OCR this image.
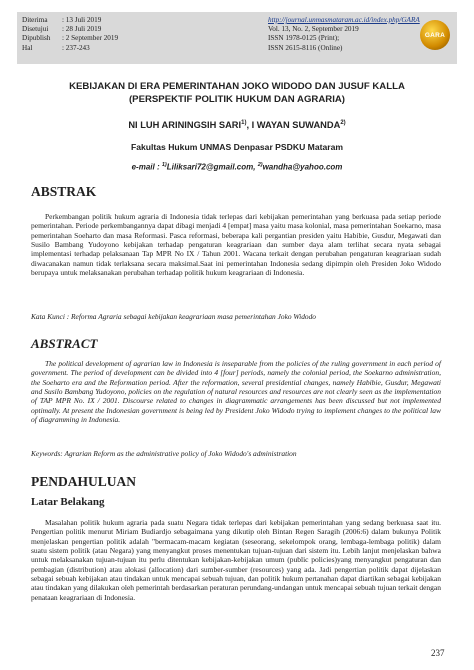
Diterima	: 13 Juli 2019
Disetujui	: 28 Juli 2019
Dipublish	: 2 September 2019
Hal	: 237-243
http://journal.unmasmataram.ac.id/index.php/GARA
Vol. 13, No. 2, September 2019
ISSN 1978-0125 (Print);
ISSN 2615-8116 (Online)
GARA
KEBIJAKAN DI ERA PEMERINTAHAN JOKO WIDODO DAN JUSUF KALLA
(PERSPEKTIF POLITIK HUKUM DAN AGRARIA)
NI LUH ARININGSIH SARI$^{1)}$, I WAYAN SUWANDA$^{2)}$
Fakultas Hukum UNMAS Denpasar PSDKU Mataram
e-mail : $^{1)}$Liliksari72@gmail.com, $^{2)}$wandha@yahoo.com
ABSTRAK
Perkembangan politik hukum agraria di Indonesia tidak terlepas dari kebijakan pemerintahan yang berkuasa pada setiap periode pemerintahan. Periode perkembangannya dapat dibagi menjadi 4 [empat] masa yaitu masa kolonial, masa pemerintahan Soekarno, masa pemerintahan Soeharto dan masa Reformasi. Pasca reformasi, beberapa kali pergantian presiden yaitu Habibie, Gusdur, Megawati dan Susilo Bambang Yudoyono kebijakan terhadap pengaturan keagrariaan dan sumber daya alam terlihat secara nyata sebagai implementasi terhadap pelaksanaan Tap MPR No IX / Tahun 2001. Wacana terkait dengan perubahan pengaturan keagrariaan sudah diwacanakan namun tidak terlaksana secara maksimal.Saat ini pemerintahan Indonesia sedang dipimpin oleh Presiden Joko Widodo berupaya untuk melaksanakan perubahan terhadap politik hukum keagrariaan di Indonesia.
Kata Kunci : Reforma Agraria sebagai kebijakan keagrariaan masa pemerintahan Joko Widodo
ABSTRACT
The political development of agrarian law in Indonesia is inseparable from the policies of the ruling government in each period of government. The period of development can be divided into 4 [four] periods, namely the colonial period, the Soekarno administration, the Soeharto era and the Reformation period. After the reformation, several presidential changes, namely Habibie, Gusdur, Megawati and Susilo Bambang Yudoyono, policies on the regulation of natural resources and resources are not clearly seen as the implementation of TAP MPR No. IX / 2001. Discourse related to changes in diagrammatic arrangements has been discussed but not implemented optimally. At present the Indonesian government is being led by President Joko Widodo trying to implement changes to the political law of diagramming in Indonesia.
Keywords: Agrarian Reform as the administrative policy of Joko Widodo's administration
PENDAHULUAN
Latar Belakang
Masalahan politik hukum agraria pada suatu Negara tidak terlepas dari kebijakan pemerintahan yang sedang berkuasa saat itu. Pengertian politik menurut Miriam Budiardjo sebagaimana yang dikutip oleh Bintan Regen Saragih (2006:6) dalam bukunya Politik menjelaskan pengertian politik adalah "bermacam-macam kegiatan (seseorang, sekelompok orang, lembaga-lembaga politik) dalam suatu sistem politik (atau Negara) yang menyangkut proses menentukan tujuan-tujuan dari sistem itu. Lebih lanjut menjelaskan bahwa untuk melaksanakan tujuan-tujuan itu perlu ditentukan kebijakan-kebijakan umum (public policies)yang menyangkut pengaturan dan pembagian (distribution) atau alokasi (allocation) dari sumber-sumber (resources) yang ada. Jadi pengertian politik dapat dijelaskan sebagai sebuah kebijakan atau tindakan untuk mencapai sebuah tujuan, dan politik hukum pertanahan dapat diartikan sebagai kebijakan atau tindakan yang dilakukan oleh pemerintah berdasarkan peraturan perundang-undangan untuk mencapai sebuah tujuan terkait dengan penataan keagrariaan di Indonesia.
237
